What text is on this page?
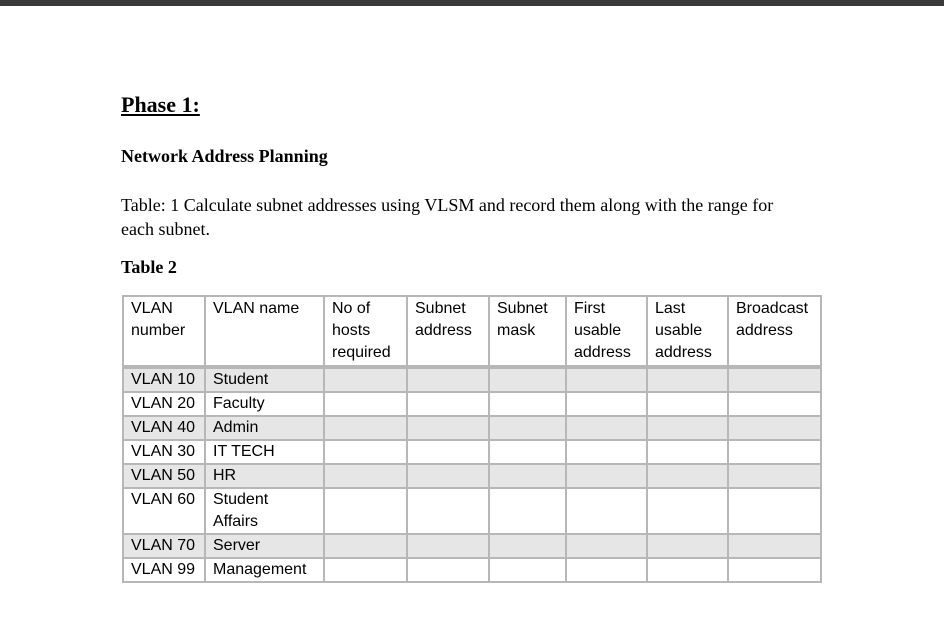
Phase 1:
Network Address Planning
Table: 1 Calculate subnet addresses using VLSM and record them along with the range for each subnet.
Table 2
VLAN number	VLAN name	No of hosts required	Subnet address	Subnet mask	First usable address	Last usable address	Broadcast address
VLAN 10	Student						
VLAN 20	Faculty						
VLAN 40	Admin						
VLAN 30	IT TECH						
VLAN 50	HR						
VLAN 60	Student Affairs						
VLAN 70	Server						
VLAN 99	Management						
